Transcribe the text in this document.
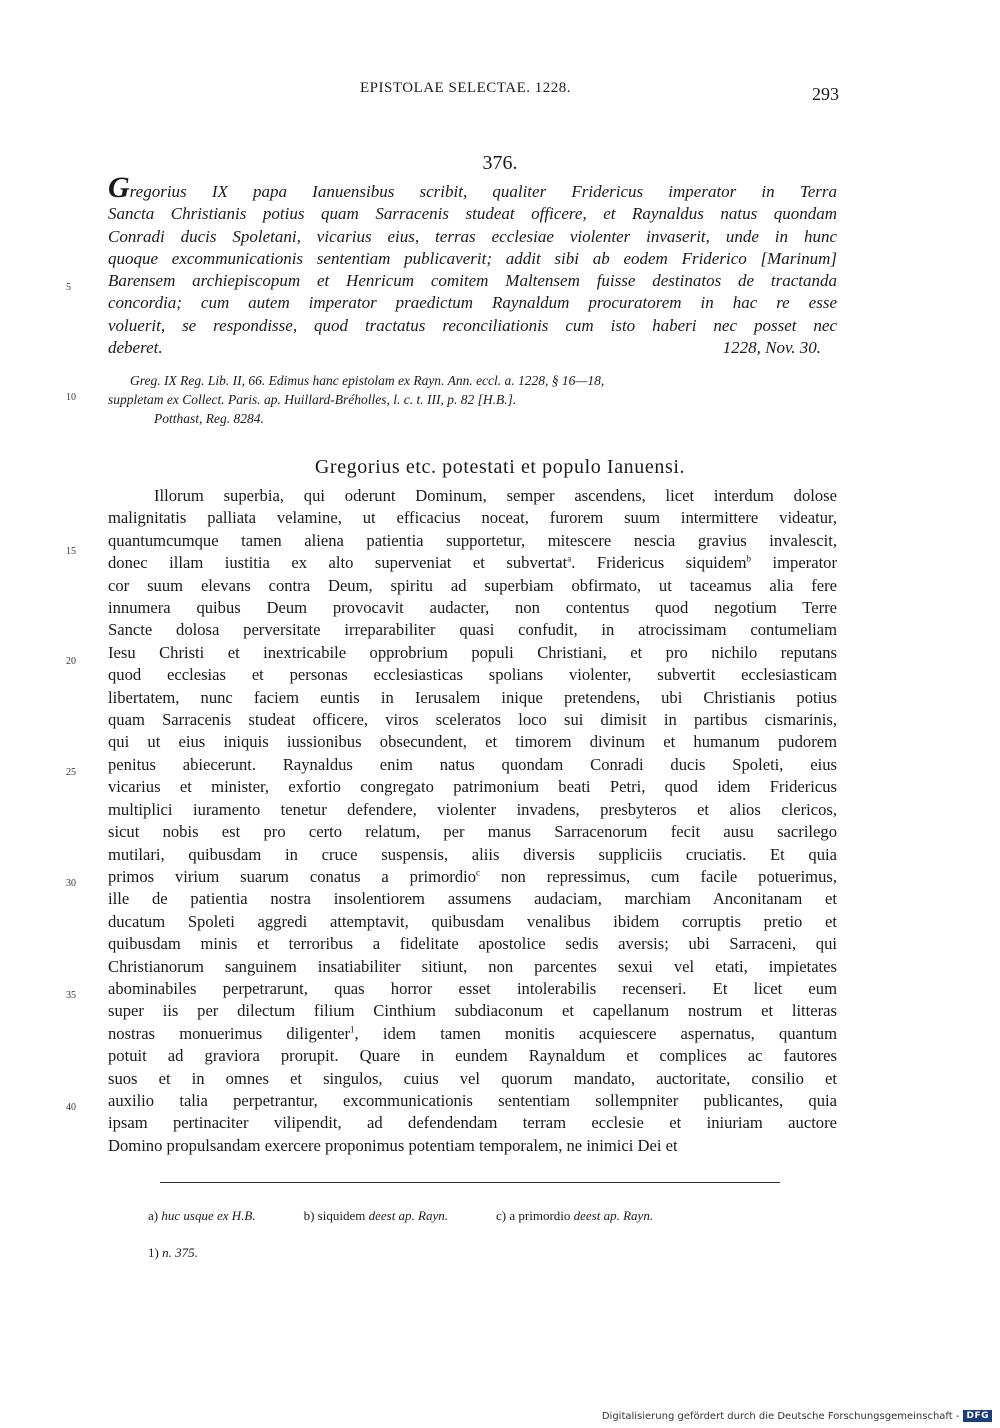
EPISTOLAE SELECTAE. 1228.	293
376.
Gregorius IX papa Ianuensibus scribit, qualiter Fridericus imperator in Terra
Sancta Christianis potius quam Sarracenis studeat officere, et Raynaldus natus quondam
Conradi ducis Spoletani, vicarius eius, terras ecclesiae violenter invaserit, unde in hunc
quoque excommunicationis sententiam publicaverit; addit sibi ab eodem Friderico [Marinum]
Barensem archiepiscopum et Henricum comitem Maltensem fuisse destinatos de tractanda
concordia; cum autem imperator praedictum Raynaldum procuratorem in hac re esse
voluerit, se respondisse, quod tractatus reconciliationis cum isto haberi nec posset nec
deberet.	1228, Nov. 30.
Greg. IX Reg. Lib. II, 66. Edimus hanc epistolam ex Rayn. Ann. eccl. a. 1228, § 16—18,
suppletam ex Collect. Paris. ap. Huillard-Bréholles, l. c. t. III, p. 82 [H.B.].
Potthast, Reg. 8284.
Gregorius etc. potestati et populo Ianuensi.
Illorum superbia, qui oderunt Dominum, semper ascendens, licet interdum dolose
malignitatis palliata velamine, ut efficacius noceat, furorem suum intermittere videatur,
quantumcumque tamen aliena patientia supportetur, mitescere nescia gravius invalescit,
donec illam iustitia ex alto superveniat et subvertat$^a$. Fridericus siquidem$^b$ imperator
cor suum elevans contra Deum, spiritu ad superbiam obfirmato, ut taceamus alia fere
innumera quibus Deum provocavit audacter, non contentus quod negotium Terre
Sancte dolosa perversitate irreparabiliter quasi confudit, in atrocissimam contumeliam
Iesu Christi et inextricabile opprobrium populi Christiani, et pro nichilo reputans
quod ecclesias et personas ecclesiasticas spolians violenter, subvertit ecclesiasticam
libertatem, nunc faciem euntis in Ierusalem inique pretendens, ubi Christianis potius
quam Sarracenis studeat officere, viros sceleratos loco sui dimisit in partibus cismarinis,
qui ut eius iniquis iussionibus obsecundent, et timorem divinum et humanum pudorem
penitus abiecerunt. Raynaldus enim natus quondam Conradi ducis Spoleti, eius
vicarius et minister, exfortio congregato patrimonium beati Petri, quod idem Fridericus
multiplici iuramento tenetur defendere, violenter invadens, presbyteros et alios clericos,
sicut nobis est pro certo relatum, per manus Sarracenorum fecit ausu sacrilego
mutilari, quibusdam in cruce suspensis, aliis diversis suppliciis cruciatis. Et quia
primos virium suarum conatus a primordio$^c$ non repressimus, cum facile potuerimus,
ille de patientia nostra insolentiorem assumens audaciam, marchiam Anconitanam et
ducatum Spoleti aggredi attemptavit, quibusdam venalibus ibidem corruptis pretio et
quibusdam minis et terroribus a fidelitate apostolice sedis aversis; ubi Sarraceni, qui
Christianorum sanguinem insatiabiliter sitiunt, non parcentes sexui vel etati, impietates
abominabiles perpetrarunt, quas horror esset intolerabilis recenseri. Et licet eum
super iis per dilectum filium Cinthium subdiaconum et capellanum nostrum et litteras
nostras monuerimus diligenter$^1$, idem tamen monitis acquiescere aspernatus, quantum
potuit ad graviora prorupit. Quare in eundem Raynaldum et complices ac fautores
suos et in omnes et singulos, cuius vel quorum mandato, auctoritate, consilio et
auxilio talia perpetrantur, excommunicationis sententiam sollempniter publicantes, quia
ipsam pertinaciter vilipendit, ad defendendam terram ecclesie et iniuriam auctore
Domino propulsandam exercere proponimus potentiam temporalem, ne inimici Dei et
5
10
15
20
25
30
35
40
a) huc usque ex H.B.	b) siquidem deest ap. Rayn.	c) a primordio deest ap. Rayn.
1) n. 375.
Digitalisierung gefördert durch die Deutsche Forschungsgemeinschaft - DFG
